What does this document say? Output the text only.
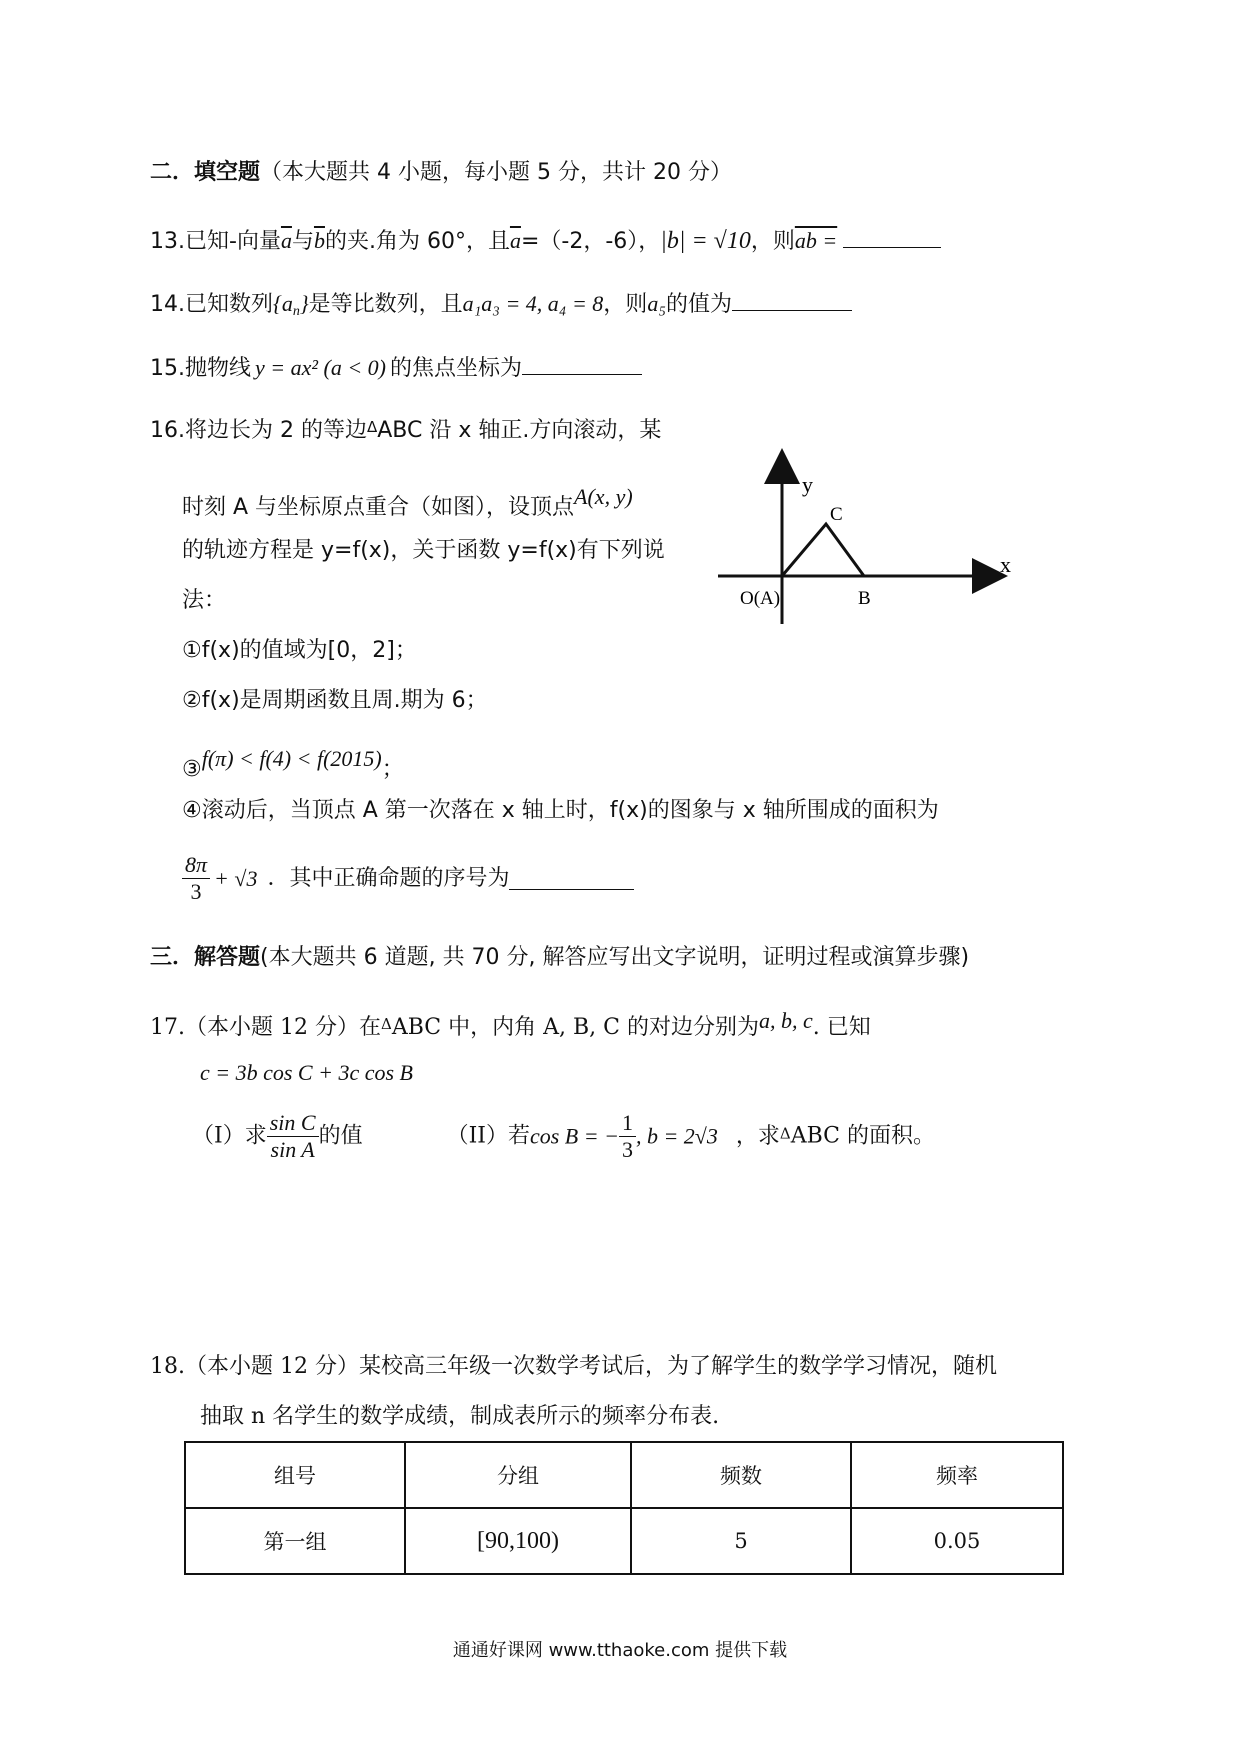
二．填空题（本大题共 4 小题，每小题 5 分，共计 20 分）
13.已知-向量$\overline{a}$与$\overline{b}$的夹.角为 60°，且$\overline{a}=(-2$，-6），|b| = √10，则ab =
14.已知数列$\{a_n\}$是等比数列，且a₁a₃ = 4, a₄ = 8，则a₅的值为
15.抛物线 y = ax² (a < 0) 的焦点坐标为
16.将边长为 2 的等边$^\Delta$ABC 沿 x 轴正.方向滚动，某
时刻 A 与坐标原点重合（如图），设顶点A(x, y)
的轨迹方程是 y=f(x)，关于函数 y=f(x)有下列说
法：
①f(x)的值域为[0，2]；
②f(x)是周期函数且周.期为 6；
③f(π) < f(4) < f(2015)；
④滚动后，当顶点 A 第一次落在 x 轴上时，f(x)的图象与 x 轴所围成的面积为
$\frac{8\pi}{3} + √3$ ．其中正确命题的序号为
y
x
O(A)	B
C
三．解答题(本大题共 6 道题, 共 70 分, 解答应写出文字说明，证明过程或演算步骤)
17.（本小题 12 分）在$^\Delta$ABC 中，内角 A, B, C 的对边分别为a, b, c. 已知
c = 3b cos C + 3c cos B
（I）求 $\frac{\text{sin C}}{\text{sin A}}$ 的值	（II）若cos B = − $\frac{1}{3}$ , b = 2√3 ，求ΔABC 的面积。
18.（本小题 12 分）某校高三年级一次数学考试后，为了解学生的数学学习情况，随机
抽取 n 名学生的数学成绩，制成表所示的频率分布表.
组号	分组	频数	频率
第一组	[90,100)	5	0.05
通通好课网 www.tthaoke.com 提供下载
